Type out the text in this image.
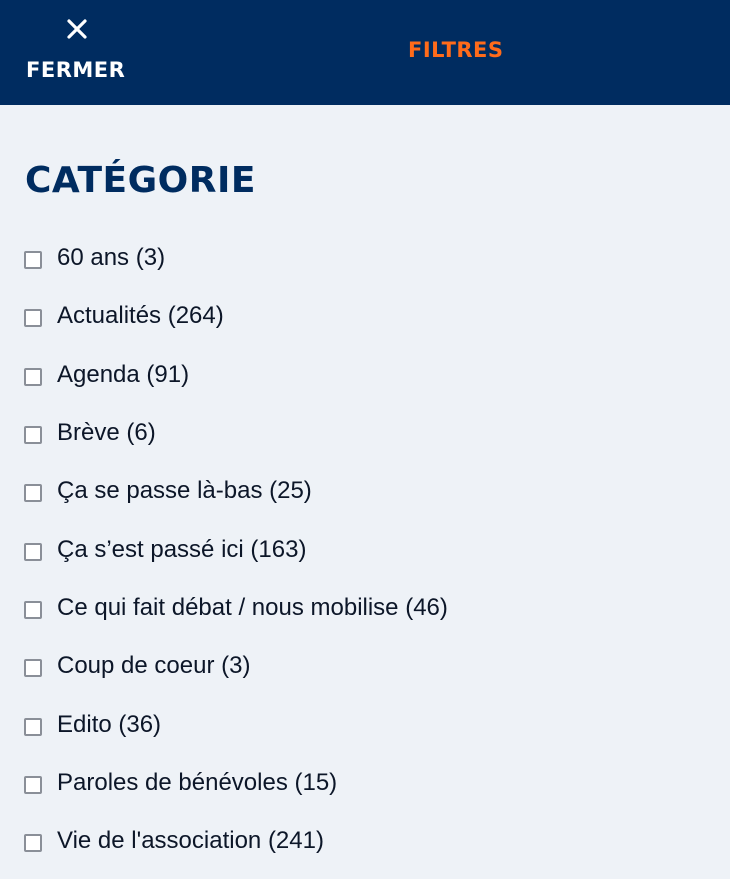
FERMER
FILTRES
CATÉGORIE
60 ans (3)
Actualités (264)
Agenda (91)
Brève (6)
Ça se passe là-bas (25)
Ça s’est passé ici (163)
Ce qui fait débat / nous mobilise (46)
Coup de coeur (3)
Edito (36)
Paroles de bénévoles (15)
Vie de l'association (241)
